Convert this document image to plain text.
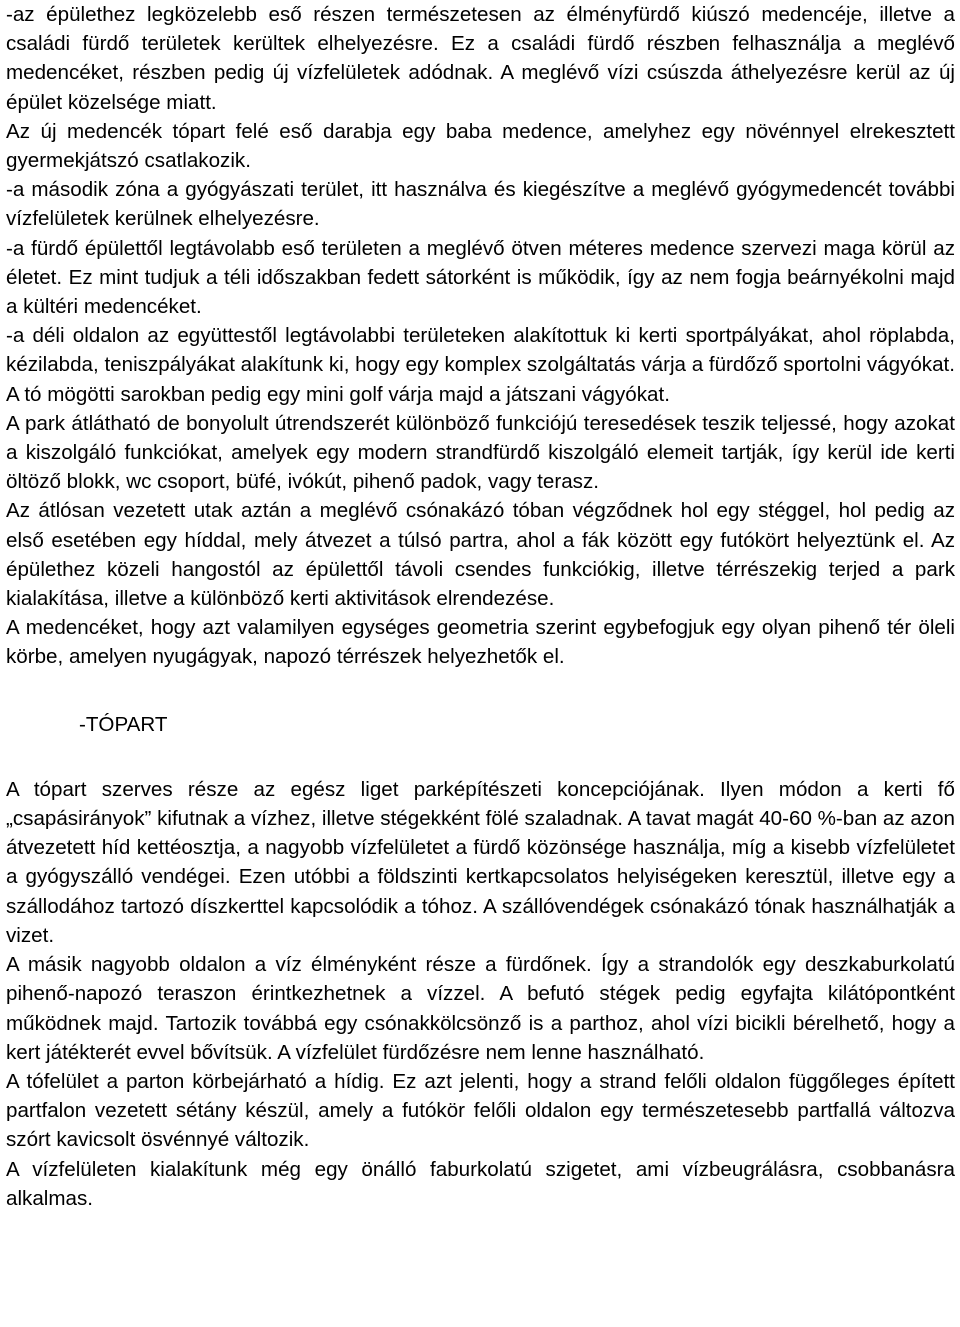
-az épülethez legközelebb eső részen természetesen az élményfürdő kiúszó medencéje, illetve a családi fürdő területek kerültek elhelyezésre. Ez a családi fürdő részben felhasználja a meglévő medencéket, részben pedig új vízfelületek adódnak. A meglévő vízi csúszda áthelyezésre kerül az új épület közelsége miatt.

Az új medencék tópart felé eső darabja egy baba medence, amelyhez egy növénnyel elrekesztett gyermekjátszó csatlakozik.

-a második zóna a gyógyászati terület, itt használva és kiegészítve a meglévő gyógymedencét további vízfelületek kerülnek elhelyezésre.

-a fürdő épülettől legtávolabb eső területen a meglévő ötven méteres medence szervezi maga körül az életet. Ez mint tudjuk a téli időszakban fedett sátorként is működik, így az nem fogja beárnyékolni majd a kültéri medencéket.

-a déli oldalon az együttestől legtávolabbi területeken alakítottuk ki kerti sportpályákat, ahol röplabda, kézilabda, teniszpályákat alakítunk ki, hogy egy komplex szolgáltatás várja a fürdőző sportolni vágyókat. A tó mögötti sarokban pedig egy mini golf várja majd a játszani vágyókat.

A park átlátható de bonyolult útrendszerét különböző funkciójú teresedések teszik teljessé, hogy azokat a kiszolgáló funkciókat, amelyek egy modern strandfürdő kiszolgáló elemeit tartják, így kerül ide kerti öltöző blokk, wc csoport, büfé, ivókút, pihenő padok, vagy terasz.

Az átlósan vezetett utak aztán a meglévő csónakázó tóban végződnek hol egy stéggel, hol pedig az első esetében egy híddal, mely átvezet a túlsó partra, ahol a fák között egy futókört helyeztünk el. Az épülethez közeli hangostól az épülettől távoli csendes funkciókig, illetve térrészekig terjed a park kialakítása, illetve a különböző kerti aktivitások elrendezése.

A medencéket, hogy azt valamilyen egységes geometria szerint egybefogjuk egy olyan pihenő tér öleli körbe, amelyen nyugágyak, napozó térrészek helyezhetők el.

-TÓPART

A tópart szerves része az egész liget parképítészeti koncepciójának. Ilyen módon a kerti fő „csapásirányok” kifutnak a vízhez, illetve stégekként fölé szaladnak. A tavat magát 40-60 %-ban az azon átvezetett híd kettéosztja, a nagyobb vízfelületet a fürdő közönsége használja, míg a kisebb vízfelületet a gyógyszálló vendégei. Ezen utóbbi a földszinti kertkapcsolatos helyiségeken keresztül, illetve egy a szállodához tartozó díszkerttel kapcsolódik a tóhoz. A szállóvendégek csónakázó tónak használhatják a vizet.

A másik nagyobb oldalon a víz élményként része a fürdőnek. Így a strandolók egy deszkaburkolatú pihenő-napozó teraszon érintkezhetnek a vízzel. A befutó stégek pedig egyfajta kilátópontként működnek majd. Tartozik továbbá egy csónakkölcsönző is a parthoz, ahol vízi bicikli bérelhető, hogy a kert játékterét evvel bővítsük. A vízfelület fürdőzésre nem lenne használható.

A tófelület a parton körbejárható a hídig. Ez azt jelenti, hogy a strand felőli oldalon függőleges épített partfalon vezetett sétány készül, amely a futókör felőli oldalon egy természetesebb partfallá változva szórt kavicsolt ösvénnyé változik.

A vízfelületen kialakítunk még egy önálló faburkolatú szigetet, ami vízbeugrálásra, csobbanásra alkalmas.
